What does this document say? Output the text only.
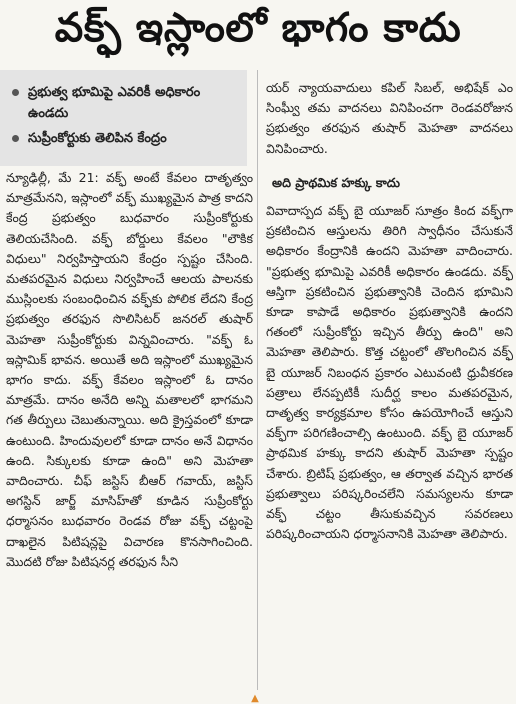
వక్ఫ్ ఇస్లాంలో భాగం కాదు
ప్రభుత్వ భూమిపై ఎవరికీ అధికారం ఉండదు
సుప్రీంకోర్టుకు తెలిపిన కేంద్రం

న్యూఢిల్లీ, మే 21: వక్ఫ్ అంటే కేవలం దాతృత్వం మాత్రమేనని, ఇస్లాంలో వక్ఫ్ ముఖ్యమైన పాత్ర కాదని కేంద్ర ప్రభుత్వం బుధవారం సుప్రీంకోర్టుకు తెలియచేసింది. వక్ఫ్ బోర్డులు కేవలం "లౌకిక విధులు" నిర్వహిస్తాయని కేంద్రం స్పష్టం చేసింది. మతపరమైన విధులు నిర్వహించే ఆలయ పాలనకు ముస్లింలకు సంబంధించిన వక్ఫ్‌కు పోలిక లేదని కేంద్ర ప్రభుత్వం తరఫున సొలిసిటర్ జనరల్ తుషార్ మెహతా సుప్రీంకోర్టుకు విన్నవించారు. "వక్ఫ్ ఓ ఇస్లామిక్ భావన. అయితే అది ఇస్లాంలో ముఖ్యమైన భాగం కాదు. వక్ఫ్ కేవలం ఇస్లాంలో ఓ దానం మాత్రమే. దానం అనేది అన్ని మతాలలో భాగమని గత తీర్పులు చెబుతున్నాయి. అది క్రైస్తవంలో కూడా ఉంటుంది. హిందువులలో కూడా దానం అనే విధానం ఉంది. సిక్కులకు కూడా ఉంది" అని మెహతా వాదించారు. చీఫ్ జస్టిస్ బీఆర్ గవాయ్, జస్టిస్ అగస్టిన్ జార్జ్ మాసిహ్‌తో కూడిన సుప్రీంకోర్టు ధర్మాసనం బుధవారం రెండవ రోజు వక్ఫ్ చట్టంపై దాఖలైన పిటిషన్లపై విచారణ కొనసాగించింది. మొదటి రోజు పిటిషనర్ల తరఫున సీని

యర్ న్యాయవాదులు కపిల్ సిబల్, అభిషేక్ ఎం సింఘ్వీ తమ వాదనలు వినిపించగా రెండవరోజున ప్రభుత్వం తరఫున తుషార్ మెహతా వాదనలు వినిపించారు.

అది ప్రాథమిక హక్కు కాదు

వివాదాస్పద వక్ఫ్ బై యూజర్ సూత్రం కింద వక్ఫ్‌గా ప్రకటించిన ఆస్తులను తిరిగి స్వాధీనం చేసుకునే అధికారం కేంద్రానికి ఉందని మెహతా వాదించారు. "ప్రభుత్వ భూమిపై ఎవరికీ అధికారం ఉండదు. వక్ఫ్ ఆస్తిగా ప్రకటించిన ప్రభుత్వానికి చెందిన భూమిని కూడా కాపాడే అధికారం ప్రభుత్వానికి ఉందని గతంలో సుప్రీంకోర్టు ఇచ్చిన తీర్పు ఉంది" అని మెహతా తెలిపారు. కొత్త చట్టంలో తొలగించిన వక్ఫ్ బై యూజర్ నిబంధన ప్రకారం ఎటువంటి ధ్రువీకరణ పత్రాలు లేనప్పటికీ సుదీర్ఘ కాలం మతపరమైన, దాతృత్వ కార్యక్రమాల కోసం ఉపయోగించే ఆస్తుని వక్ఫ్‌గా పరిగణించాల్సి ఉంటుంది. వక్ఫ్ బై యూజర్ ప్రాథమిక హక్కు కాదని తుషార్ మెహతా స్పష్టం చేశారు. బ్రిటిష్ ప్రభుత్వం, ఆ తర్వాత వచ్చిన భారత ప్రభుత్వాలు పరిష్కరించలేని సమస్యలను కూడా వక్ఫ్ చట్టం తీసుకువచ్చిన సవరణలు పరిష్కరించాయని ధర్మాసనానికి మెహతా తెలిపారు.

▲
